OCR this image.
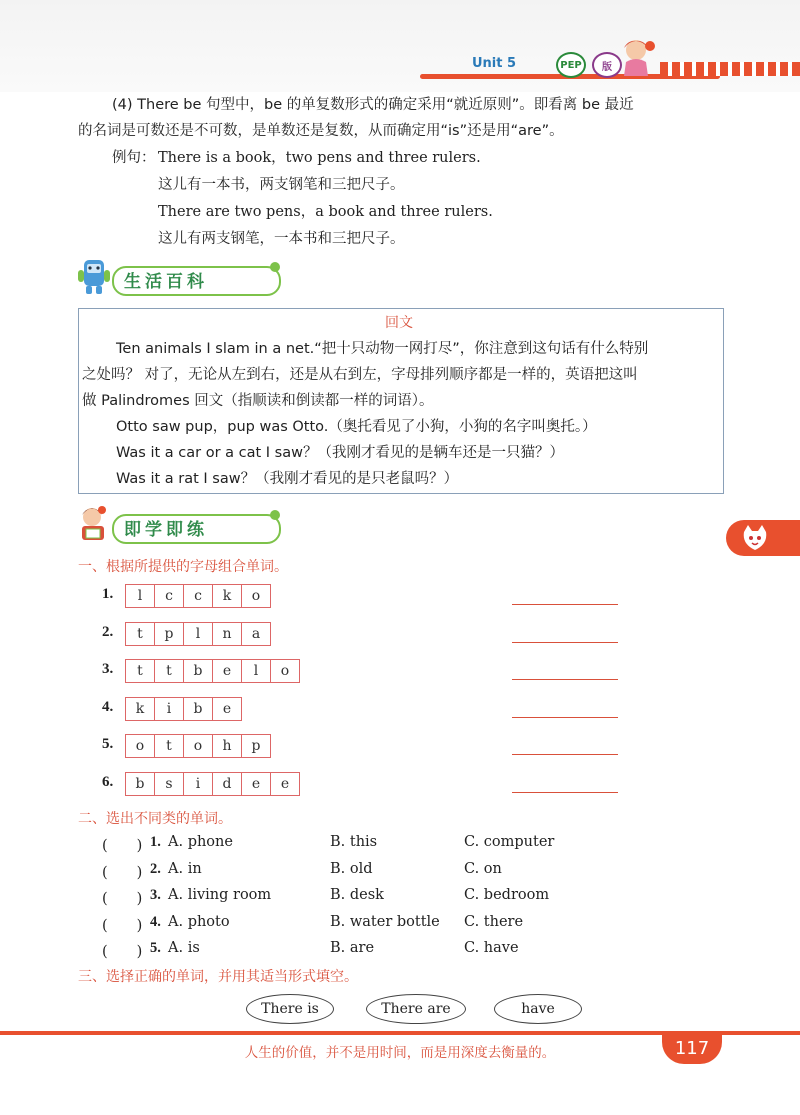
Unit 5	PEP	版
(4) There be 句型中，be 的单复数形式的确定采用“就近原则”。即看离 be 最近
的名词是可数还是不可数，是单数还是复数，从而确定用“is”还是用“are”。
例句： There is a book，two pens and three rulers.
这儿有一本书，两支钢笔和三把尺子。
There are two pens，a book and three rulers.
这儿有两支钢笔，一本书和三把尺子。
生活百科
回文
Ten animals I slam in a net.“把十只动物一网打尽”，你注意到这句话有什么特别
之处吗？ 对了，无论从左到右，还是从右到左，字母排列顺序都是一样的，英语把这叫
做 Palindromes 回文（指顺读和倒读都一样的词语）。
Otto saw pup，pup was Otto.（奥托看见了小狗，小狗的名字叫奥托。）
Was it a car or a cat I saw？（我刚才看见的是辆车还是一只猫？）
Was it a rat I saw？（我刚才看见的是只老鼠吗？）
即学即练
一、根据所提供的字母组合单词。
1.	l	c	c	k	o
2.	t	p	l	n	a
3.	t	t	b	e	l	o
4.	k	i	b	e
5.	o	t	o	h	p
6.	b	s	i	d	e	e
二、选出不同类的单词。
(　　) 1. A. phone	B. this	C. computer
(　　) 2. A. in	B. old	C. on
(　　) 3. A. living room	B. desk	C. bedroom
(　　) 4. A. photo	B. water bottle C. there
(　　) 5. A. is	B. are	C. have
三、选择正确的单词，并用其适当形式填空。
There is	There are	have
人生的价值，并不是用时间，而是用深度去衡量的。	117
